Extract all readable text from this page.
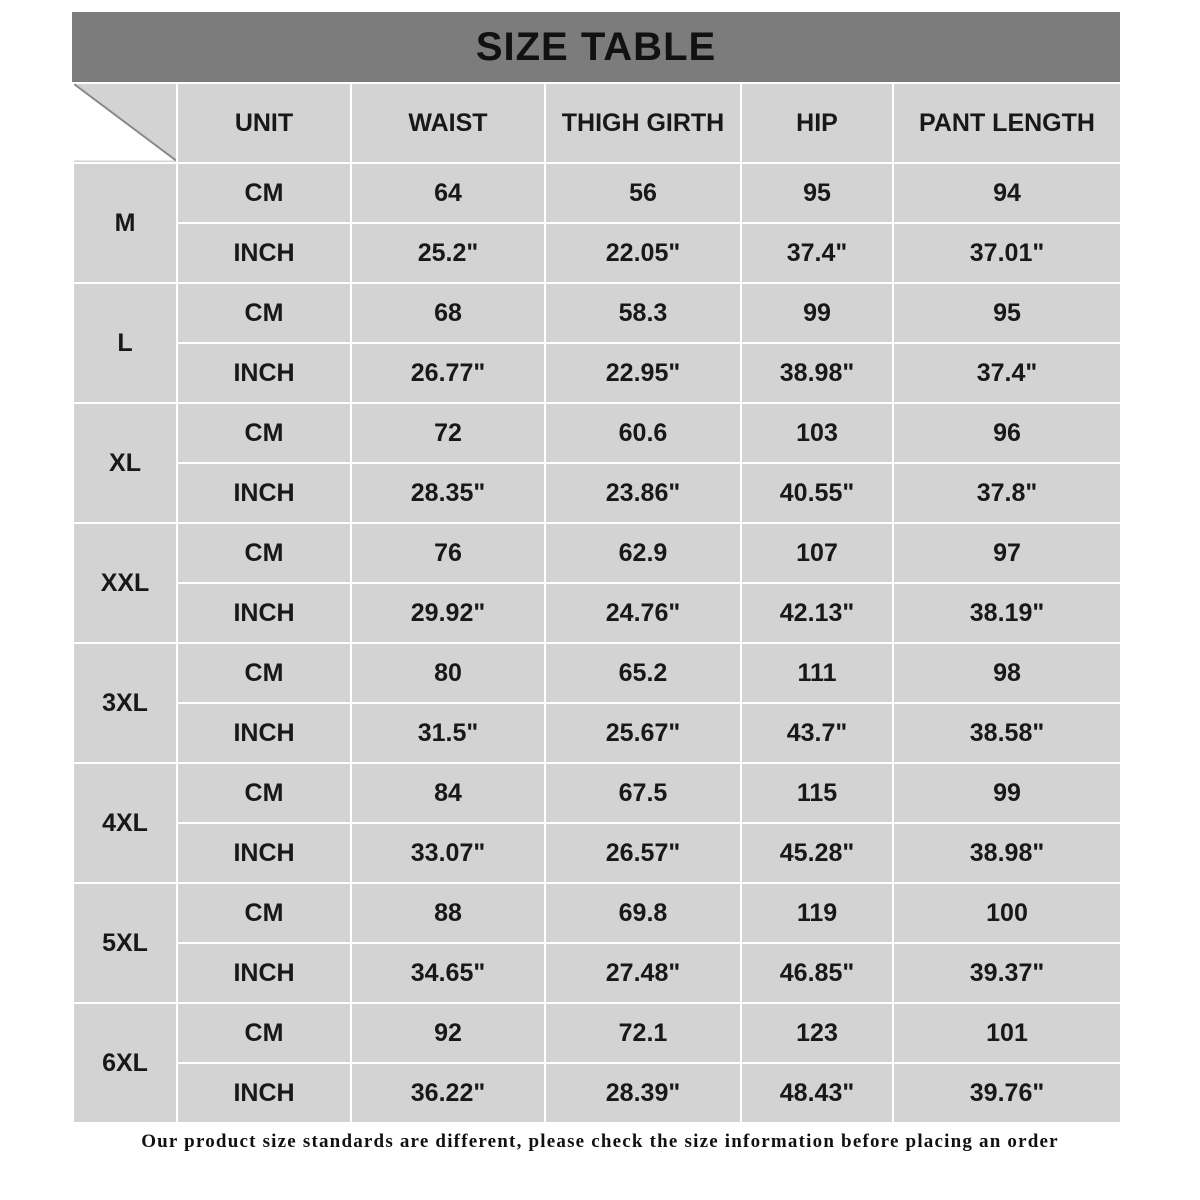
SIZE TABLE
	UNIT	WAIST	THIGH GIRTH	HIP	PANT LENGTH
M	CM	64	56	95	94
	INCH	25.2"	22.05"	37.4"	37.01"
L	CM	68	58.3	99	95
	INCH	26.77"	22.95"	38.98"	37.4"
XL	CM	72	60.6	103	96
	INCH	28.35"	23.86"	40.55"	37.8"
XXL	CM	76	62.9	107	97
	INCH	29.92"	24.76"	42.13"	38.19"
3XL	CM	80	65.2	111	98
	INCH	31.5"	25.67"	43.7"	38.58"
4XL	CM	84	67.5	115	99
	INCH	33.07"	26.57"	45.28"	38.98"
5XL	CM	88	69.8	119	100
	INCH	34.65"	27.48"	46.85"	39.37"
6XL	CM	92	72.1	123	101
	INCH	36.22"	28.39"	48.43"	39.76"
Our product size standards are different, please check the size information before placing an order
